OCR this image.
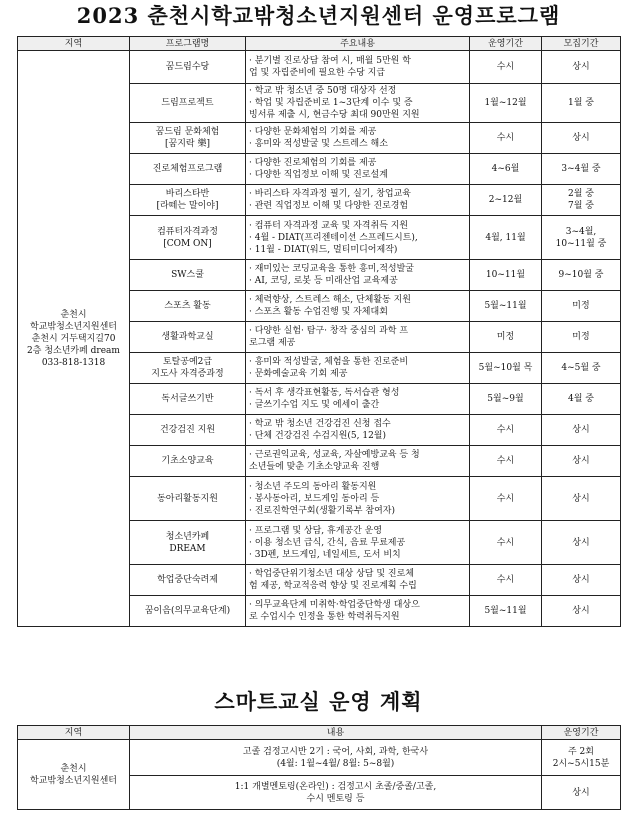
2023 춘천시학교밖청소년지원센터 운영프로그램
지역	프로그램명	주요내용	운영기간	모집기간

춘천시
학교밖청소년지원센터
춘천시 거두택지길70
2층 청소년카페 dream
033-818-1318	꿈드림수당	· 분기별 진로상담 참여 시, 매월 5만원 학
업 및 자립준비에 필요한 수당 지급	수시	상시

	드림프로젝트	· 학교 밖 청소년 중 50명 대상자 선정
· 학업 및 자립준비로 1~3단계 이수 및 증
빙서류 제출 시, 현금수당 최대 90만원 지원	1월~12월	1월 중

	꿈드림 문화체험
[꿈지락 樂]	· 다양한 문화체험의 기회를 제공
· 흥미와 적성발굴 및 스트레스 해소	수시	상시

	진로체험프로그램	· 다양한 진로체험의 기회를 제공
· 다양한 직업정보 이해 및 진로설계	4~6월	3~4월 중

	바리스타반
[라떼는 말이야]	· 바리스타 자격과정 필기, 실기, 창업교육
· 관련 직업정보 이해 및 다양한 진로경험	2~12월	2월 중
7월 중

	컴퓨터자격과정
[COM ON]	· 컴퓨터 자격과정 교육 및 자격취득 지원
· 4월 - DIAT(프리젠테이션 스프레드시트),
· 11월 - DIAT(워드, 멀티미디어제작)	4월, 11월	3~4월,
10~11월 중

	SW스쿨	· 재미있는 코딩교육을 통한 흥미,적성발굴
· AI, 코딩, 로봇 등 미래산업 교육제공	10~11월	9~10월 중

	스포츠 활동	· 체력향상, 스트레스 해소, 단체활동 지원
· 스포츠 활동 수업진행 및 자체대회	5월~11월	미정

	생활과학교실	· 다양한 실험· 탐구· 창작 중심의 과학 프
로그램 제공	미정	미정

	토탈공예2급
지도사 자격증과정	· 흥미와 적성발굴, 체험을 통한 진로준비
· 문화예술교육 기회 제공	5월~10월 목	4~5월 중

	독서글쓰기반	· 독서 후 생각표현활동, 독서습관 형성
· 글쓰기수업 지도 및 에세이 출간	5월~9월	4월 중

	건강검진 지원	· 학교 밖 청소년 건강검진 신청 접수
· 단체 건강검진 수검지원(5, 12월)	수시	상시

	기초소양교육	· 근로권익교육, 성교육, 자살예방교육 등 청
소년들에 맞춘 기초소양교육 진행	수시	상시

	동아리활동지원	· 청소년 주도의 동아리 활동지원
· 봉사동아리, 보드게임 동아리 등
· 진로진학연구회(생활기록부 참여자)	수시	상시

	청소년카페
DREAM	· 프로그램 및 상담, 휴게공간 운영
· 이용 청소년 급식, 간식, 음료 무료제공
· 3D펜, 보드게임, 네일세트, 도서 비치	수시	상시

	학업중단숙려제	· 학업중단위기청소년 대상 상담 및 진로체
험 제공, 학교적응력 향상 및 진로계획 수립	수시	상시

	꿈이음(의무교육단계)	· 의무교육단계 미취학·학업중단학생 대상으
로 수업시수 인정을 통한 학력취득지원	5월~11월	상시
스마트교실 운영 계획
지역	내용	운영기간

춘천시
학교밖청소년지원센터	고졸 검정고시반 2기 : 국어, 사회, 과학, 한국사
(4월: 1월~4월/ 8월: 5~8월)	주 2회
2시~5시15분

	1:1 개별멘토링(온라인) : 검정고시 초졸/중졸/고졸,
수시 멘토링 등	상시
